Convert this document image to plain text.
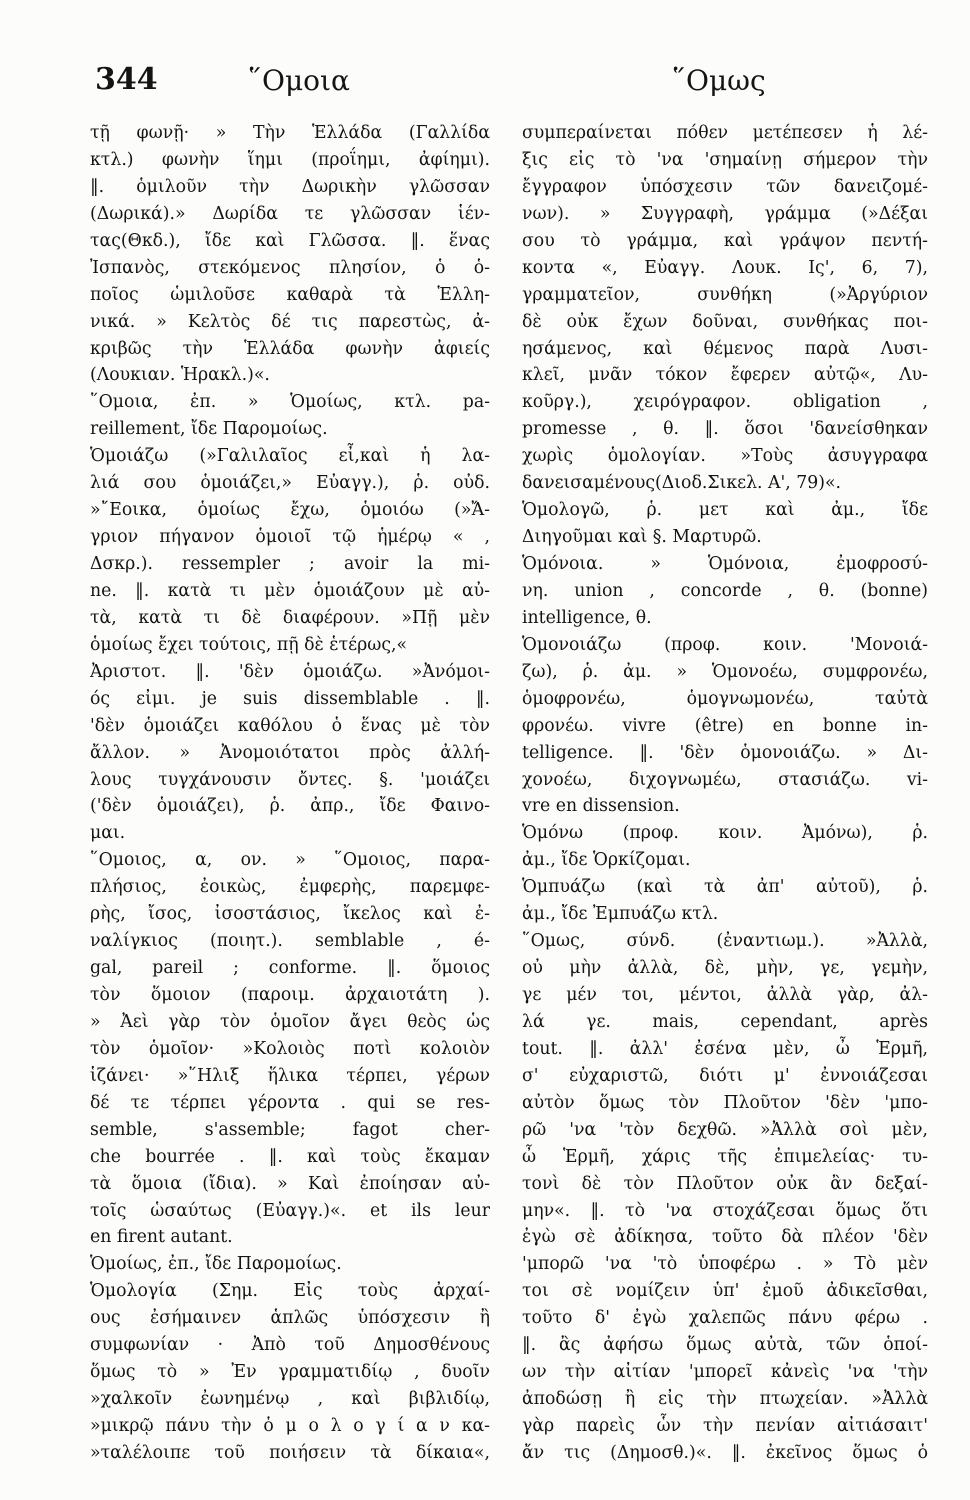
344	῞Ομοια	῞Ομως
τῇ φωνῇ· » Τὴν Ἑλλάδα (Γαλλίδα
κτλ.) φωνὴν ἵημι (προΐημι, ἀφίημι).
‖. ὁμιλοῦν τὴν Δωρικὴν γλῶσσαν
(Δωρικά).» Δωρίδα τε γλῶσσαν ἱέν-
τας(Θκδ.), ἴδε καὶ Γλῶσσα. ‖. ἕνας
Ἰσπανὸς, στεκόμενος πλησίον, ὁ ὁ-
ποῖος ὡμιλοῦσε καθαρὰ τὰ Ἑλλη-
νικά. » Κελτὸς δέ τις παρεστὼς, ἀ-
κριβῶς τὴν Ἑλλάδα φωνὴν ἀφιείς
(Λουκιαν. Ἡρακλ.)«.
῞Ομοια, ἐπ. » Ὁμοίως, κτλ. pa-
reillement, ἴδε Παρομοίως.
Ὁμοιάζω (»Γαλιλαῖος εἶ,καὶ ἡ λα-
λιά σου ὁμοιάζει,» Εὐαγγ.), ῥ. οὐδ.
»῎Εοικα, ὁμοίως ἔχω, ὁμοιόω (»Ἄ-
γριον πήγανον ὁμοιοῖ τῷ ἡμέρῳ « ,
Δσκρ.). ressempler ; avoir la mi-
ne. ‖. κατὰ τι μὲν ὁμοιάζουν μὲ αὐ-
τὰ, κατὰ τι δὲ διαφέρουν. »Πῇ μὲν
ὁμοίως ἔχει τούτοις, πῇ δὲ ἑτέρως,«
Ἀριστοτ. ‖. 'δὲν ὁμοιάζω. »Ἀνόμοι-
ός εἰμι. je suis dissemblable . ‖.
'δὲν ὁμοιάζει καθόλου ὁ ἕνας μὲ τὸν
ἄλλον. » Ἀνομοιότατοι πρὸς ἀλλή-
λους τυγχάνουσιν ὄντες. §. 'μοιάζει
('δὲν ὁμοιάζει), ῥ. ἀπρ., ἴδε Φαινο-
μαι.
῞Ομοιος, α, ον. » ῞Ομοιος, παρα-
πλήσιος, ἐοικὼς, ἐμφερὴς, παρεμφε-
ρὴς, ἴσος, ἰσοστάσιος, ἴκελος καὶ ἐ-
ναλίγκιος (ποιητ.). semblable , é-
gal, pareil ; conforme. ‖. ὅμοιος
τὸν ὅμοιον (παροιμ. ἀρχαιοτάτη ).
» Ἀεὶ γὰρ τὸν ὁμοῖον ἄγει θεὸς ὡς
τὸν ὁμοῖον· »Κολοιὸς ποτὶ κολοιὸν
ἱζάνει· »῞Ηλιξ ἥλικα τέρπει, γέρων
δέ τε τέρπει γέροντα . qui se res-
semble, s'assemble; fagot cher-
che bourrée . ‖. καὶ τοὺς ἔκαμαν
τὰ ὅμοια (ἴδια). » Καὶ ἐποίησαν αὐ-
τοῖς ὡσαύτως (Εὐαγγ.)«. et ils leur
en firent autant.
Ὁμοίως, ἐπ., ἴδε Παρομοίως.
Ὁμολογία (Σημ. Εἰς τοὺς ἀρχαί-
ους ἐσήμαινεν ἁπλῶς ὑπόσχεσιν ἢ
συμφωνίαν · Ἀπὸ τοῦ Δημοσθένους
ὅμως τὸ » Ἐν γραμματιδίῳ , δυοῖν
»χαλκοῖν ἐωνημένῳ , καὶ βιβλιδίῳ,
»μικρῷ πάνυ τὴν ὁ μ ο λ ο γ ί α ν κα-
»ταλέλοιπε τοῦ ποιήσειν τὰ δίκαια«,
συμπεραίνεται πόθεν μετέπεσεν ἡ λέ-
ξις εἰς τὸ 'να 'σημαίνῃ σήμερον τὴν
ἔγγραφον ὑπόσχεσιν τῶν δανειζομέ-
νων). » Συγγραφὴ, γράμμα (»Δέξαι
σου τὸ γράμμα, καὶ γράψον πεντή-
κοντα «, Εὐαγγ. Λουκ. Ις', 6, 7),
γραμματεῖον, συνθήκη (»Ἀργύριον
δὲ οὐκ ἔχων δοῦναι, συνθήκας ποι-
ησάμενος, καὶ θέμενος παρὰ Λυσι-
κλεῖ, μνᾶν τόκον ἔφερεν αὐτῷ«, Λυ-
κοῦργ.), χειρόγραφον. obligation ,
promesse , θ. ‖. ὅσοι 'δανείσθηκαν
χωρὶς ὁμολογίαν. »Τοὺς ἀσυγγραφα
δανεισαμένους(Διοδ.Σικελ. Α', 79)«.
Ὁμολογῶ, ῥ. μετ καὶ ἀμ., ἴδε
Διηγοῦμαι καὶ §. Μαρτυρῶ.
Ὁμόνοια. » Ὁμόνοια, ἐμοφροσύ-
νη. union , concorde , θ. (bonne)
intelligence, θ.
Ὁμονοιάζω (προφ. κοιν. 'Μονοιά-
ζω), ῥ. ἀμ. » Ὁμονοέω, συμφρονέω,
ὁμοφρονέω, ὁμογνωμονέω, ταὐτὰ
φρονέω. vivre (être) en bonne in-
telligence. ‖. 'δὲν ὁμονοιάζω. » Δι-
χονοέω, διχογνωμέω, στασιάζω. vi-
vre en dissension.
Ὁμόνω (προφ. κοιν. Ἀμόνω), ῥ.
ἀμ., ἴδε Ὁρκίζομαι.
Ὁμπυάζω (καὶ τὰ ἀπ' αὐτοῦ), ῥ.
ἀμ., ἴδε Ἐμπυάζω κτλ.
῞Ομως, σύνδ. (ἐναντιωμ.). »Ἀλλὰ,
οὐ μὴν ἀλλὰ, δὲ, μὴν, γε, γεμὴν,
γε μέν τοι, μέντοι, ἀλλὰ γὰρ, ἀλ-
λά γε. mais, cependant, après
tout. ‖. ἀλλ' ἐσένα μὲν, ὦ Ἑρμῆ,
σ' εὐχαριστῶ, διότι μ' ἐννοιάζεσαι
αὐτὸν ὅμως τὸν Πλοῦτον 'δὲν 'μπο-
ρῶ 'να 'τὸν δεχθῶ. »Ἀλλὰ σοὶ μὲν,
ὦ Ἑρμῆ, χάρις τῆς ἐπιμελείας· τυ-
τονὶ δὲ τὸν Πλοῦτον οὐκ ἂν δεξαί-
μην«. ‖. τὸ 'να στοχάζεσαι ὅμως ὅτι
ἐγὼ σὲ ἀδίκησα, τοῦτο δὰ πλέον 'δὲν
'μπορῶ 'να 'τὸ ὑποφέρω . » Τὸ μὲν
τοι σὲ νομίζειν ὑπ' ἐμοῦ ἀδικεῖσθαι,
τοῦτο δ' ἐγὼ χαλεπῶς πάνυ φέρω .
‖. ἂς ἀφήσω ὅμως αὐτὰ, τῶν ὁποί-
ων τὴν αἰτίαν 'μπορεῖ κἀνεὶς 'να 'τὴν
ἀποδώσῃ ἢ εἰς τὴν πτωχείαν. »Ἀλλὰ
γὰρ παρεὶς ὧν τὴν πενίαν αἰτιάσαιτ'
ἄν τις (Δημοσθ.)«. ‖. ἐκεῖνος ὅμως ὁ
